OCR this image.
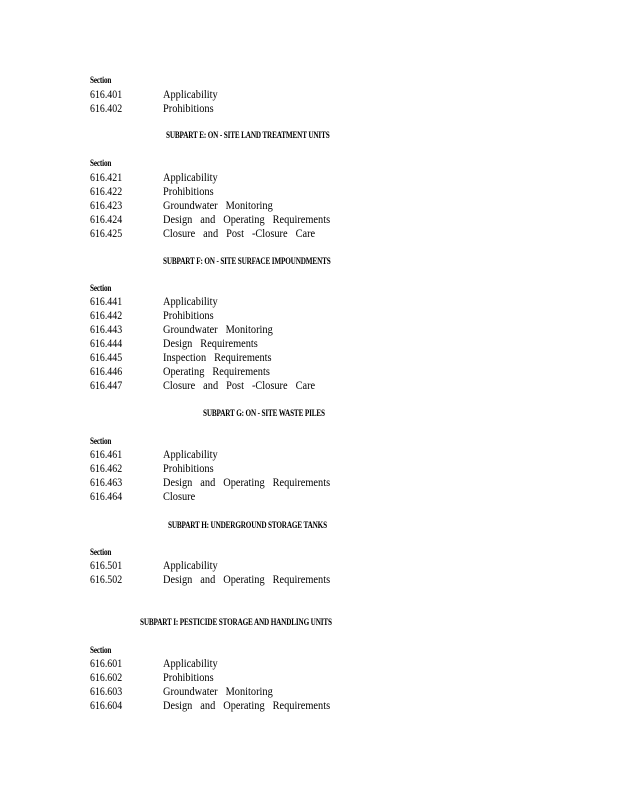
Section
616.401	Applicability
616.402	Prohibitions
SUBPART E: ON - SITE LAND TREATMENT UNITS
Section
616.421	Applicability
616.422	Prohibitions
616.423	Groundwater Monitoring
616.424	Design and Operating Requirements
616.425	Closure and Post -Closure Care
SUBPART F: ON - SITE SURFACE IMPOUNDMENTS
Section
616.441	Applicability
616.442	Prohibitions
616.443	Groundwater Monitoring
616.444	Design Requirements
616.445	Inspection Requirements
616.446	Operating Requirements
616.447	Closure and Post -Closure Care
SUBPART G: ON - SITE WASTE PILES
Section
616.461	Applicability
616.462	Prohibitions
616.463	Design and Operating Requirements
616.464	Closure
SUBPART H: UNDERGROUND STORAGE TANKS
Section
616.501	Applicability
616.502	Design and Operating Requirements
SUBPART I: PESTICIDE STORAGE AND HANDLING UNITS
Section
616.601	Applicability
616.602	Prohibitions
616.603	Groundwater Monitoring
616.604	Design and Operating Requirements
